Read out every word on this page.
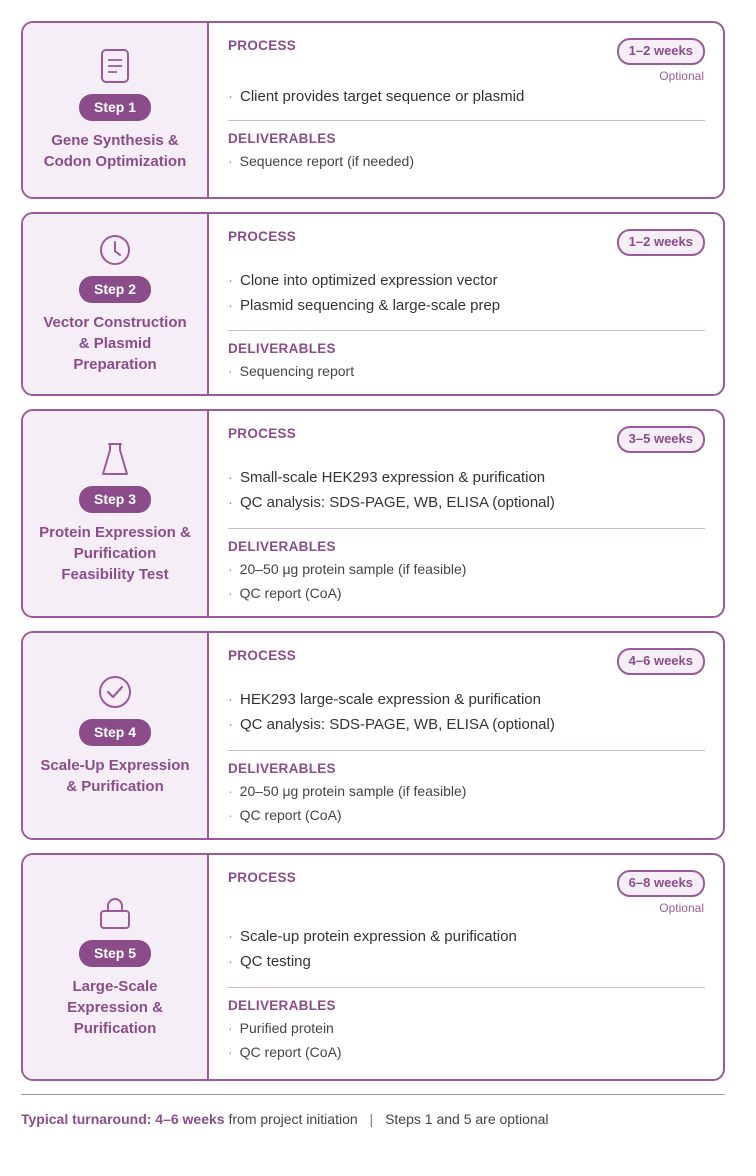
Step 1
Gene Synthesis &
Codon Optimization
PROCESS	1–2 weeks
Optional
· Client provides target sequence or plasmid
DELIVERABLES
· Sequence report (if needed)
Step 2
Vector Construction
& Plasmid
Preparation
PROCESS	1–2 weeks
· Clone into optimized expression vector
· Plasmid sequencing & large-scale prep
DELIVERABLES
· Sequencing report
Step 3
Protein Expression &
Purification
Feasibility Test
PROCESS	3–5 weeks
· Small-scale HEK293 expression & purification
· QC analysis: SDS-PAGE, WB, ELISA (optional)
DELIVERABLES
· 20–50 μg protein sample (if feasible)
· QC report (CoA)
Step 4
Scale-Up Expression
& Purification
PROCESS	4–6 weeks
· HEK293 large-scale expression & purification
· QC analysis: SDS-PAGE, WB, ELISA (optional)
DELIVERABLES
· 20–50 μg protein sample (if feasible)
· QC report (CoA)
Step 5
Large-Scale
Expression &
Purification
PROCESS	6–8 weeks
Optional
· Scale-up protein expression & purification
· QC testing
DELIVERABLES
· Purified protein
· QC report (CoA)
Typical turnaround: 4–6 weeks from project initiation | Steps 1 and 5 are optional
